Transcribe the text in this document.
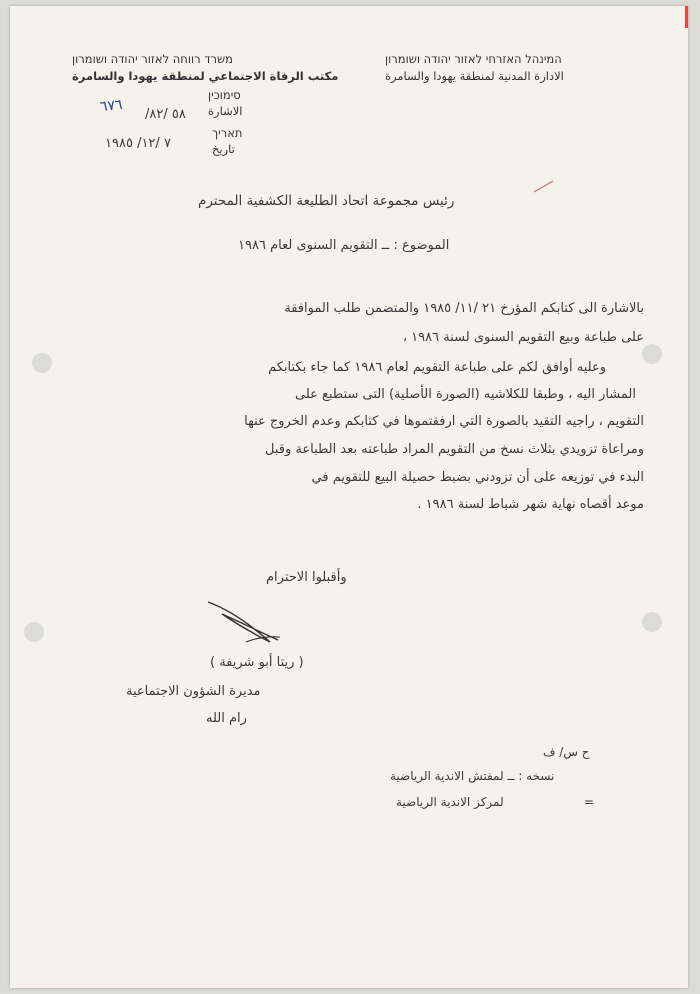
משרד רווחה לאזור יהודה ושומרון
مكتب الرفاة الاجتماعي لمنطقة يهودا والسامرة
המינהל האזרחי לאזור יהודה ושומרון
الادارة المدنية لمنطقة يهودا والسامرة
סימוכין
الاشارة
٦٧٦ ٥٨ /٨٢/
תאריך
تاريخ
٧ /١٢/ ١٩٨٥
رئيس مجموعة اتحاد الطليعة الكشفية المحترم
الموضوع : ــ التقويم السنوى لعام ١٩٨٦
بالاشارة الى كتابكم المؤرخ ٢١ /١١/ ١٩٨٥ والمتضمن طلب الموافقة
على طباعة وبيع التقويم السنوى لسنة ١٩٨٦ ،
وعليه أوافق لكم على طباعة التقويم لعام ١٩٨٦ كما جاء بكتابكم
المشار اليه ، وطبقا للكلاشيه (الصورة الأصلية) التى ستطبع على
التقويم ، راجيه التقيد بالصورة التي ارفقتموها في كتابكم وعدم الخروج عنها
ومراعاة تزويدي بثلاث نسخ من التقويم المراد طباعته بعد الطباعة وقبل
البدء في توزيعه على أن تزودني بضبط حصيلة البيع للتقويم في
موعد أقصاه نهاية شهر شباط لسنة ١٩٨٦ .
وأقبلوا الاحترام
( ريتا أبو شريفة )
مديرة الشؤون الاجتماعية
رام الله
ح س/ ف
نسخه : ــ لمفتش الاندية الرياضية
=
لمركز الاندية الرياضية
